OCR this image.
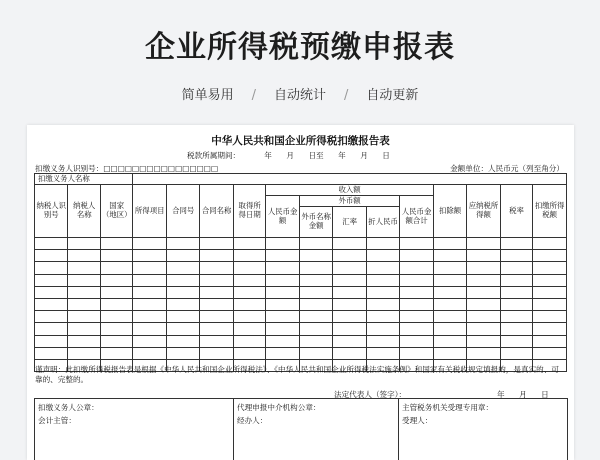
企业所得税预缴申报表
简单易用 / 自动统计 / 自动更新
中华人民共和国企业所得税扣缴报告表
税款所属期间：          年      月      日至      年      月      日
扣缴义务人识别号：□□□□□□□□□□□□□□□□	金额单位：人民币元（列至角分）
扣缴义务人名称															
纳税人识别号	纳税人名称	国家（地区）	所得项目	合同号	合同名称	取得所得日期	收入额					扣除额	应纳税所得额	税率	扣缴所得税额
							人民币金额	外币额			人民币金额合计				
								外币名称金额	汇率	折人民币					

谨声明：此扣缴所得税报告表是根据《中华人民共和国企业所得税法》、《中华人民共和国企业所得税法实施条例》和国家有关税收规定填报的，是真实的、可靠的、完整的。
法定代表人（签字）：	年      月      日
扣缴义务人公章：
会计主管：
代理申报中介机构公章：
经办人：
主管税务机关受理专用章：
受理人：
